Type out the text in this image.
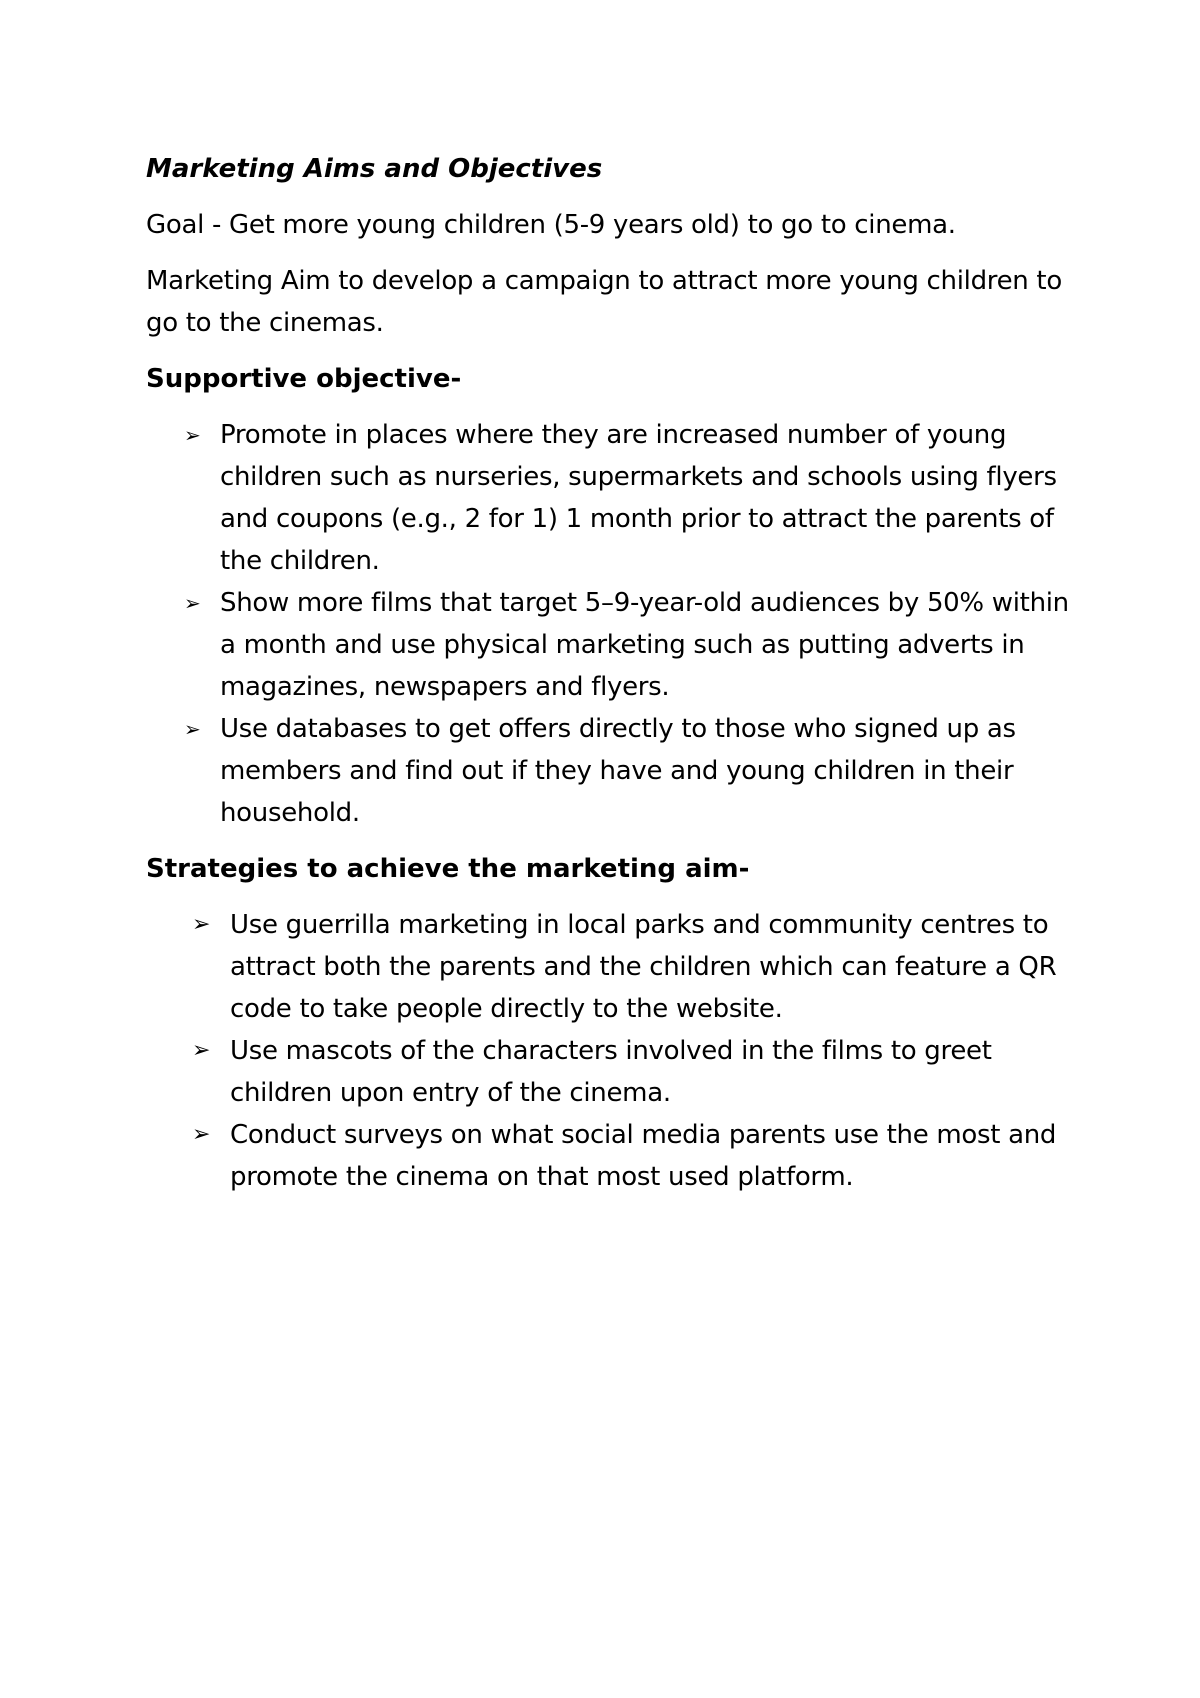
Marketing Aims and Objectives
Goal - Get more young children (5-9 years old) to go to cinema.
Marketing Aim to develop a campaign to attract more young children to go to the cinemas.
Supportive objective-
➢ Promote in places where they are increased number of young children such as nurseries, supermarkets and schools using flyers and coupons (e.g., 2 for 1) 1 month prior to attract the parents of the children.
➢ Show more films that target 5–9-year-old audiences by 50% within a month and use physical marketing such as putting adverts in magazines, newspapers and flyers.
➢ Use databases to get offers directly to those who signed up as members and find out if they have and young children in their household.
Strategies to achieve the marketing aim-
➢ Use guerrilla marketing in local parks and community centres to attract both the parents and the children which can feature a QR code to take people directly to the website.
➢ Use mascots of the characters involved in the films to greet children upon entry of the cinema.
➢ Conduct surveys on what social media parents use the most and promote the cinema on that most used platform.
